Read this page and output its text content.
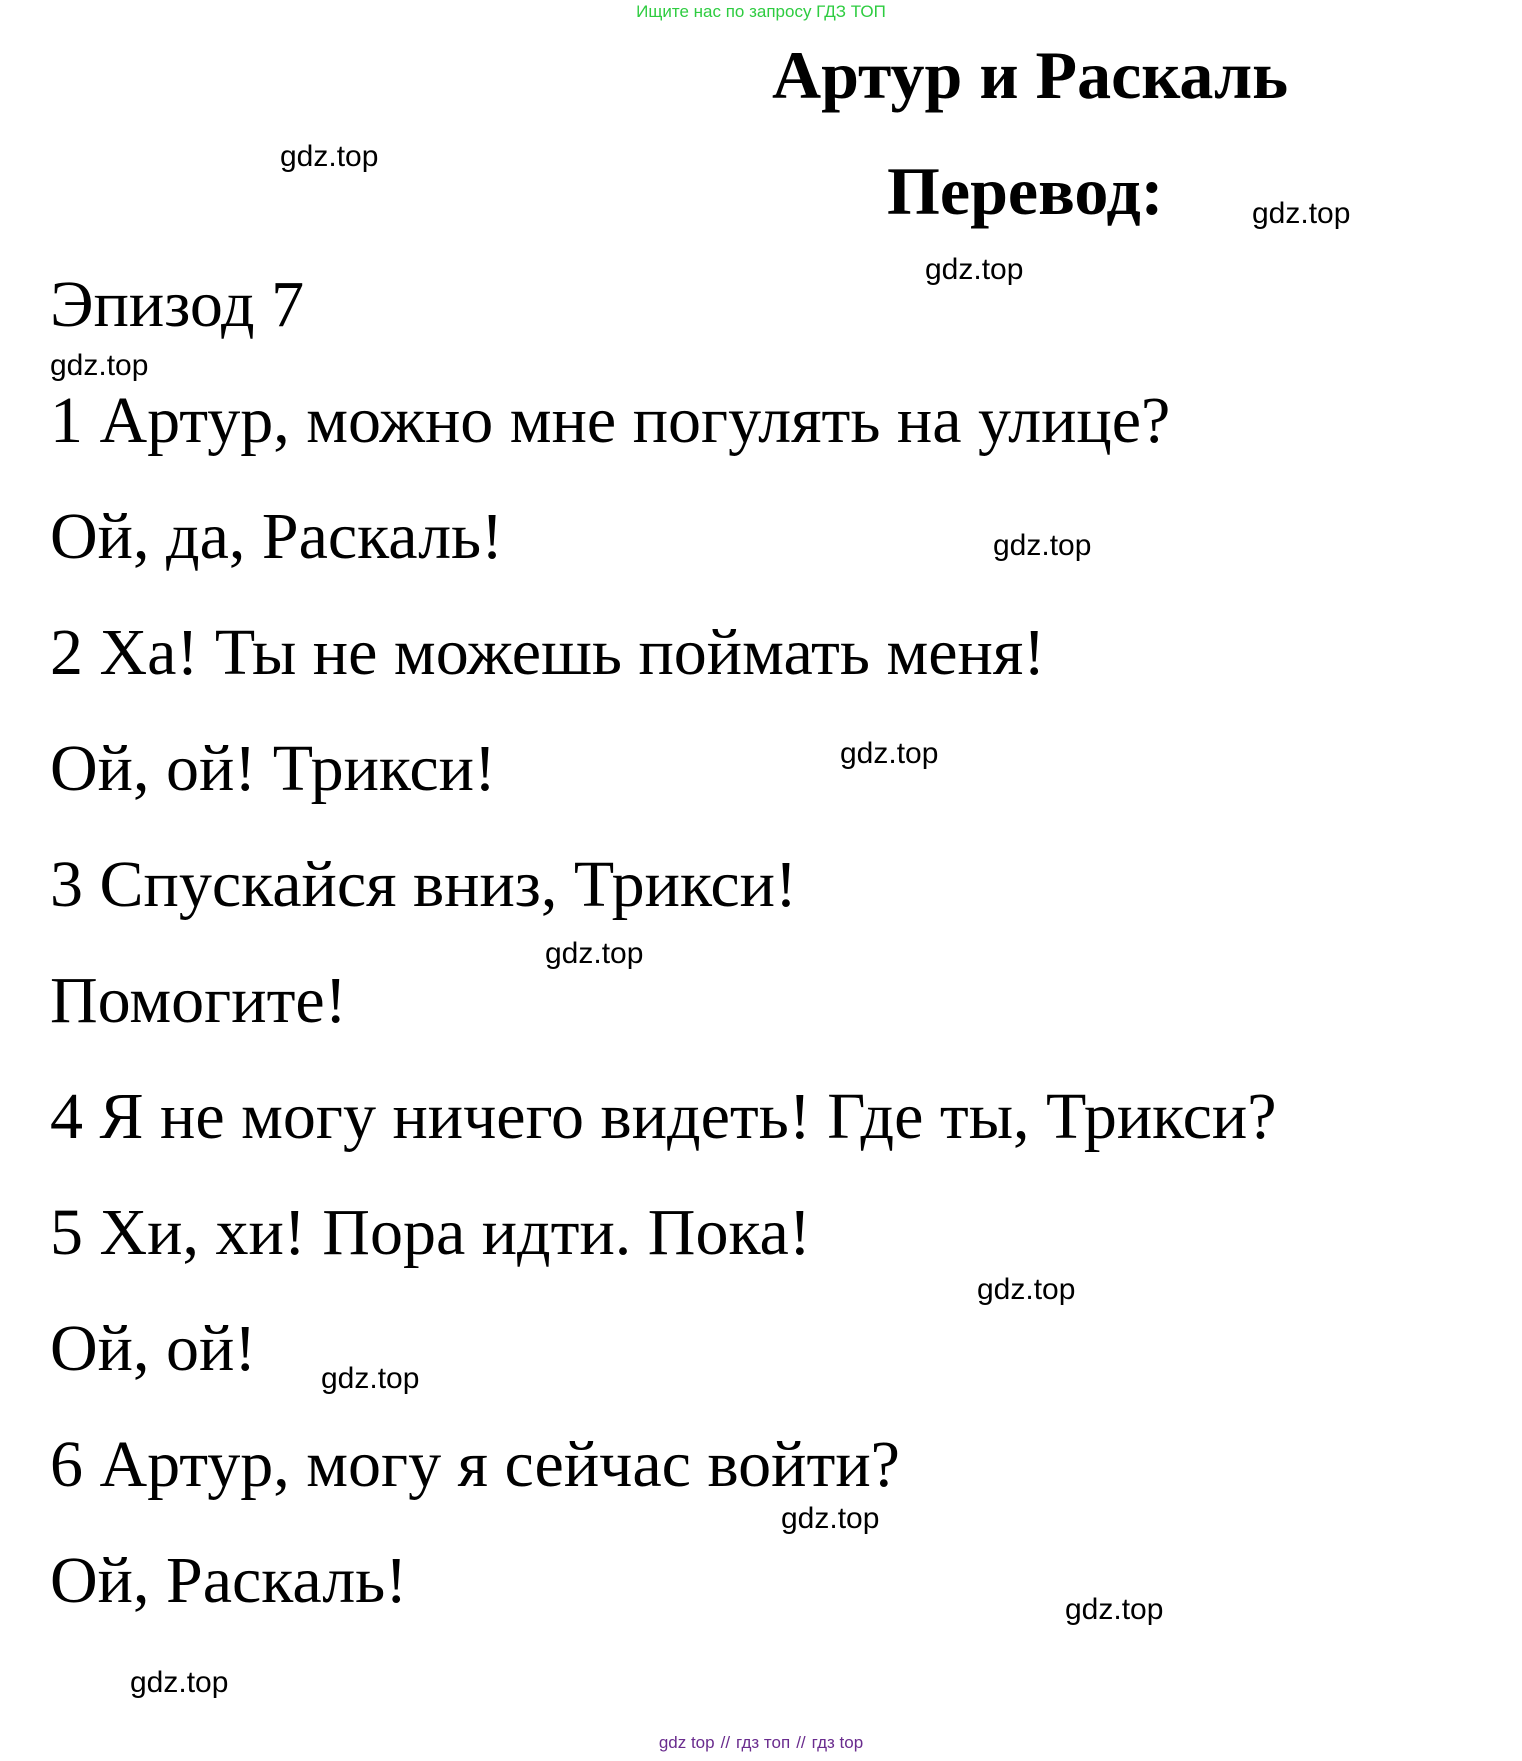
Ищите нас по запросу ГДЗ ТОП
Артур и Раскаль
Перевод:
Эпизод 7
1 Артур, можно мне погулять на улице?
Ой, да, Раскаль!
2 Ха! Ты не можешь поймать меня!
Ой, ой! Трикси!
3 Спускайся вниз, Трикси!
Помогите!
4 Я не могу ничего видеть! Где ты, Трикси?
5 Хи, хи! Пора идти. Пока!
Ой, ой!
6 Артур, могу я сейчас войти?
Ой, Раскаль!
gdz.top
gdz.top
gdz.top
gdz.top
gdz.top
gdz.top
gdz.top
gdz.top
gdz.top
gdz.top
gdz.top
gdz.top
gdz top // гдз топ // гдз top
